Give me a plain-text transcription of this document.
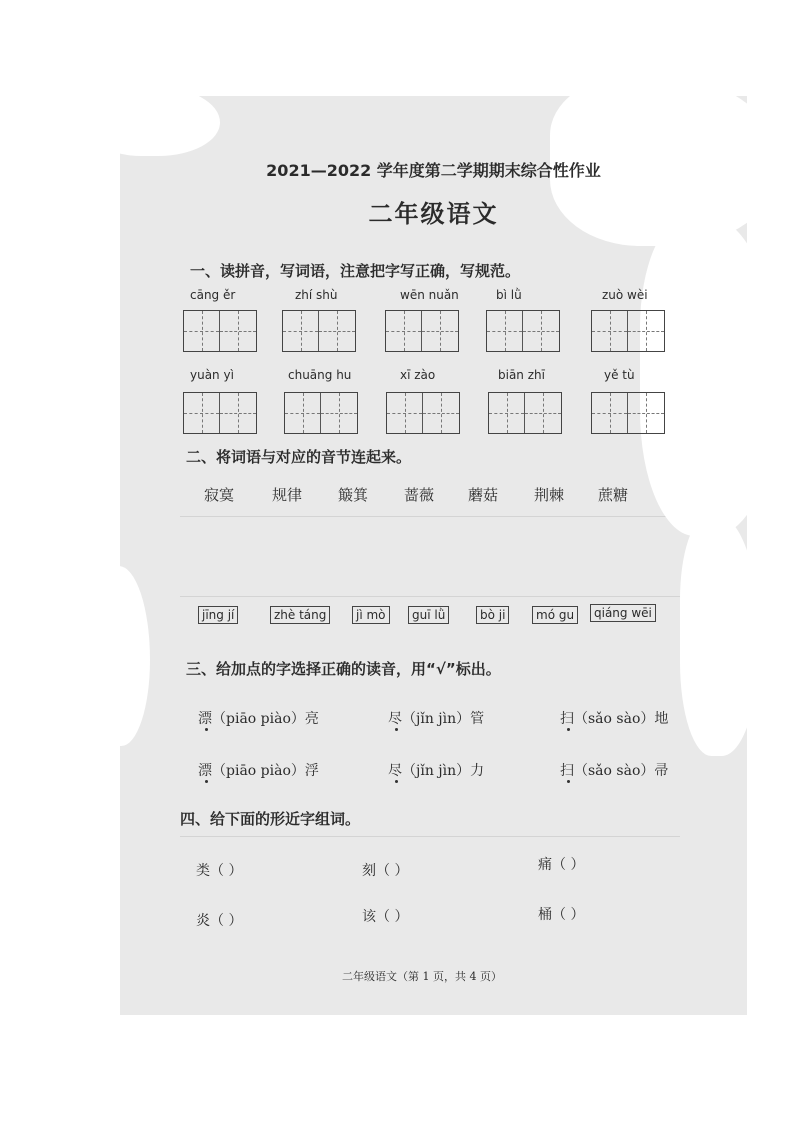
2021—2022 学年度第二学期期末综合性作业
二年级语文
一、读拼音，写词语，注意把字写正确，写规范。
cāng ěr	zhí shù	wēn nuǎn	bì lǜ	zuò wèi
yuàn yì	chuāng hu	xī zào	biān zhī	yě tù
二、将词语与对应的音节连起来。
寂寞	规律 簸箕 蔷薇 蘑菇 荆棘 蔗糖
jīng jí	zhè táng	jì mò	guī lǜ	bò ji	mó gu	qiáng wēi
三、给加点的字选择正确的读音，用“√”标出。
漂（piāo piào）亮	尽（jǐn jìn）管	扫（sǎo sào）地
漂（piāo piào）浮	尽（jǐn jìn）力	扫（sǎo sào）帚
四、给下面的形近字组词。
类（ ）	刻（ ）	痛（ ）
炎（ ）	该（ ）	桶（ ）
二年级语文（第 1 页，共 4 页）
